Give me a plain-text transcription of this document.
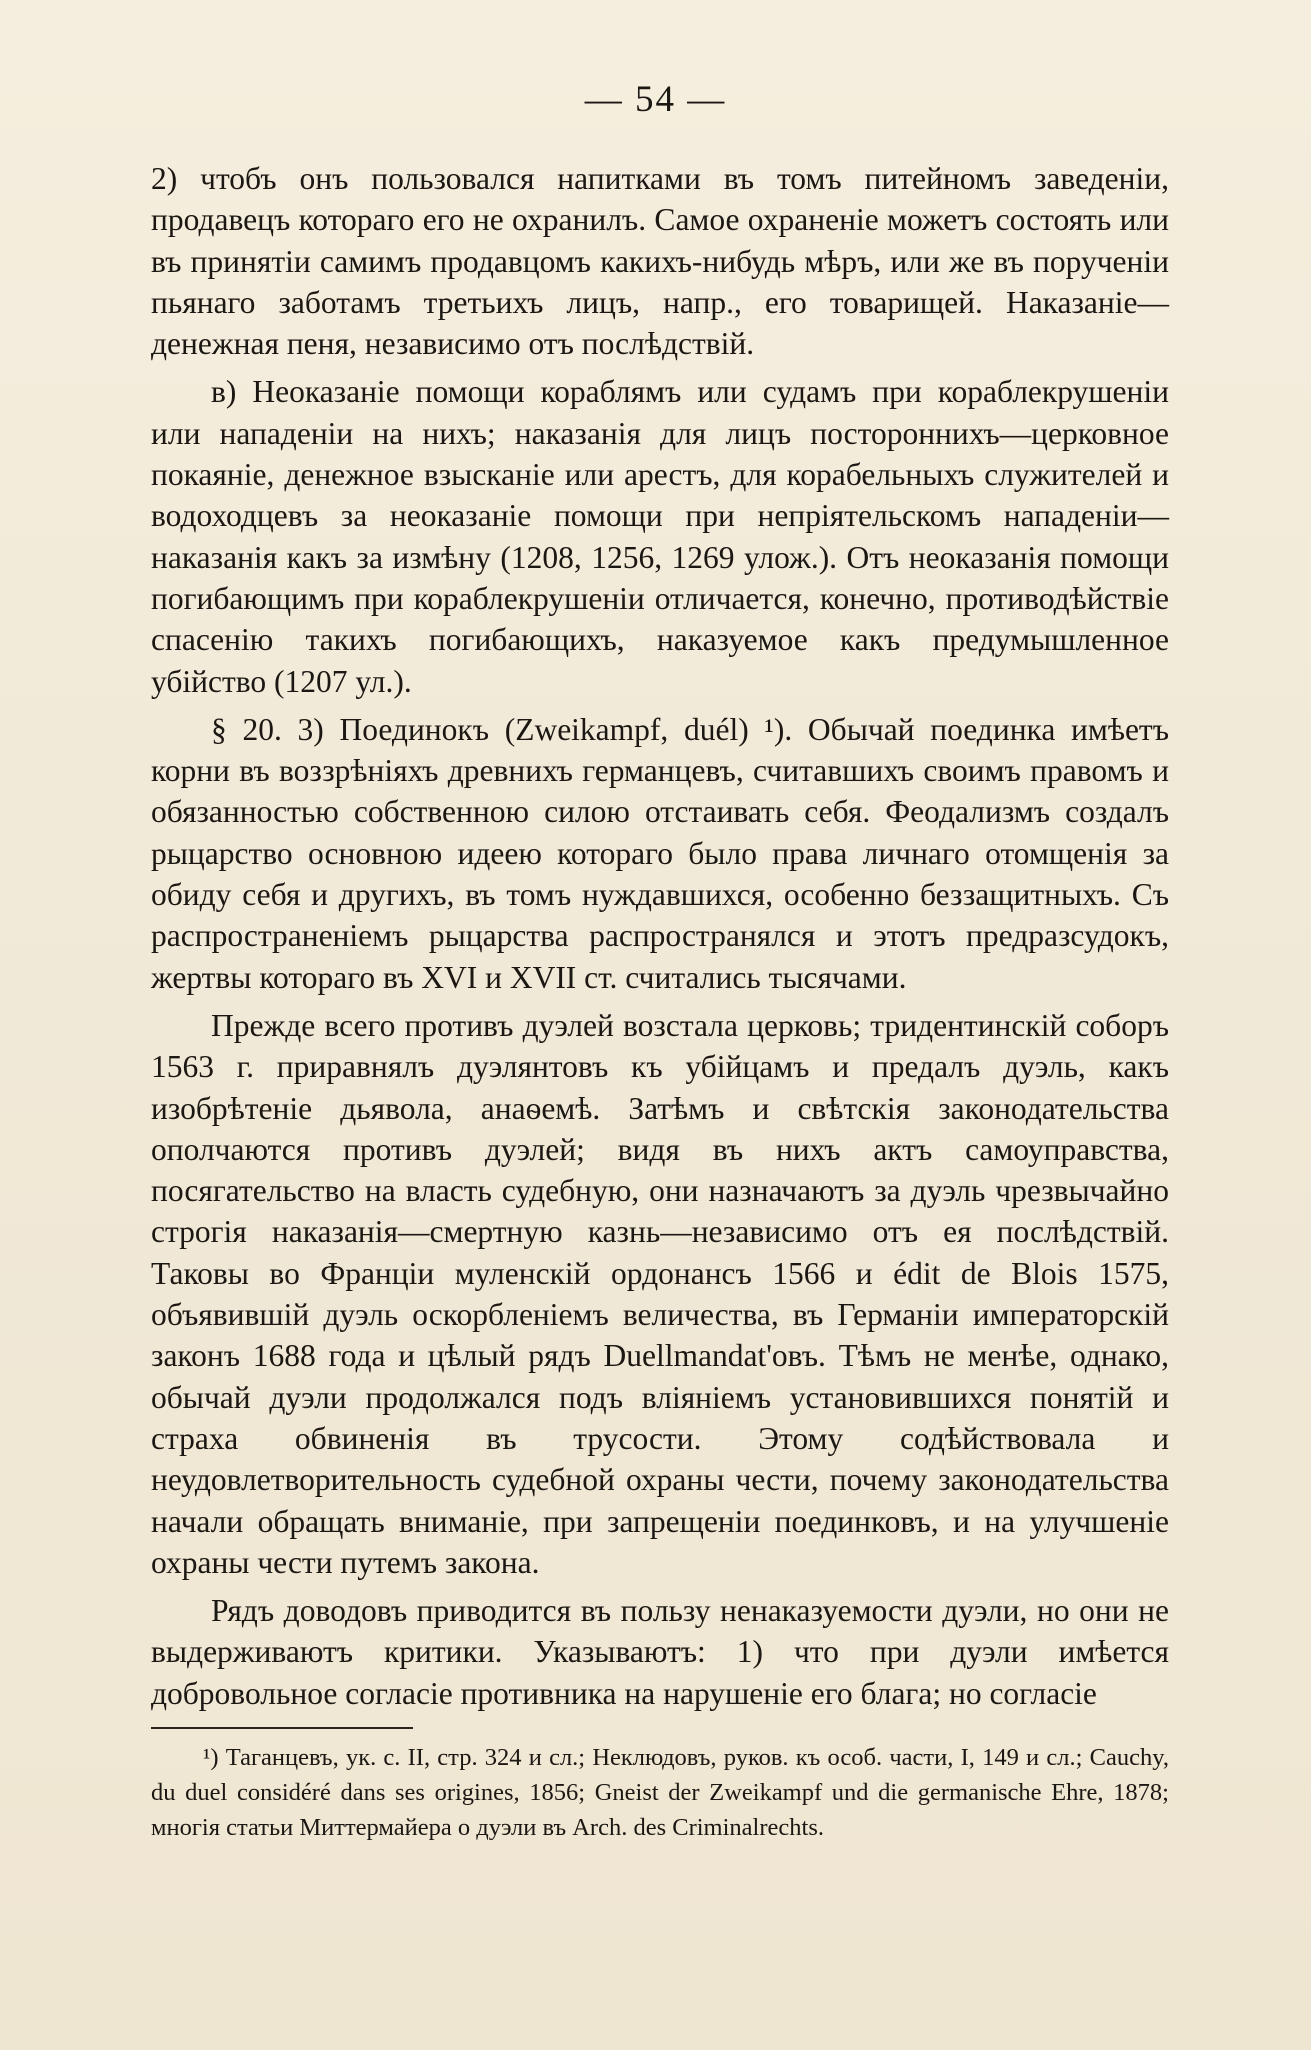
— 54 —

2) чтобъ онъ пользовался напитками въ томъ питейномъ заведеніи, продавецъ котораго его не охранилъ. Самое охраненіе можетъ состоять или въ принятіи самимъ продавцомъ какихъ-нибудь мѣръ, или же въ порученіи пьянаго заботамъ третьихъ лицъ, напр., его товарищей. Наказаніе—денежная пеня, независимо отъ послѣдствій.

в) Неоказаніе помощи кораблямъ или судамъ при кораблекрушеніи или нападеніи на нихъ; наказанія для лицъ постороннихъ—церковное покаяніе, денежное взысканіе или арестъ, для корабельныхъ служителей и водоходцевъ за неоказаніе помощи при непріятельскомъ нападеніи—наказанія какъ за измѣну (1208, 1256, 1269 улож.). Отъ неоказанія помощи погибающимъ при кораблекрушеніи отличается, конечно, противодѣйствіе спасенію такихъ погибающихъ, наказуемое какъ предумышленное убійство (1207 ул.).

§ 20. 3) Поединокъ (Zweikampf, duél) ¹). Обычай поединка имѣетъ корни въ воззрѣніяхъ древнихъ германцевъ, считавшихъ своимъ правомъ и обязанностью собственною силою отстаивать себя. Феодализмъ создалъ рыцарство основною идеею котораго было права личнаго отомщенія за обиду себя и другихъ, въ томъ нуждавшихся, особенно беззащитныхъ. Съ распространеніемъ рыцарства распространялся и этотъ предразсудокъ, жертвы котораго въ XVI и XVII ст. считались тысячами.

Прежде всего противъ дуэлей возстала церковь; тридентинскій соборъ 1563 г. приравнялъ дуэлянтовъ къ убійцамъ и предалъ дуэль, какъ изобрѣтеніе дьявола, анаѳемѣ. Затѣмъ и свѣтскія законодательства ополчаются противъ дуэлей; видя въ нихъ актъ самоуправства, посягательство на власть судебную, они назначаютъ за дуэль чрезвычайно строгія наказанія—смертную казнь—независимо отъ ея послѣдствій. Таковы во Франціи муленскій ордонансъ 1566 и édit de Blois 1575, объявившій дуэль оскорбленіемъ величества, въ Германіи императорскій законъ 1688 года и цѣлый рядъ Duellmandat'овъ. Тѣмъ не менѣе, однако, обычай дуэли продолжался подъ вліяніемъ установившихся понятій и страха обвиненія въ трусости. Этому содѣйствовала и неудовлетворительность судебной охраны чести, почему законодательства начали обращать вниманіе, при запрещеніи поединковъ, и на улучшеніе охраны чести путемъ закона.

Рядъ доводовъ приводится въ пользу ненаказуемости дуэли, но они не выдерживаютъ критики. Указываютъ: 1) что при дуэли имѣется добровольное согласіе противника на нарушеніе его блага; но согласіе

¹) Таганцевъ, ук. с. II, стр. 324 и сл.; Неклюдовъ, руков. къ особ. части, I, 149 и сл.; Cauchy, du duel considéré dans ses origines, 1856; Gneist der Zweikampf und die germanische Ehre, 1878; многія статьи Миттермайера о дуэли въ Arch. des Criminalrechts.
